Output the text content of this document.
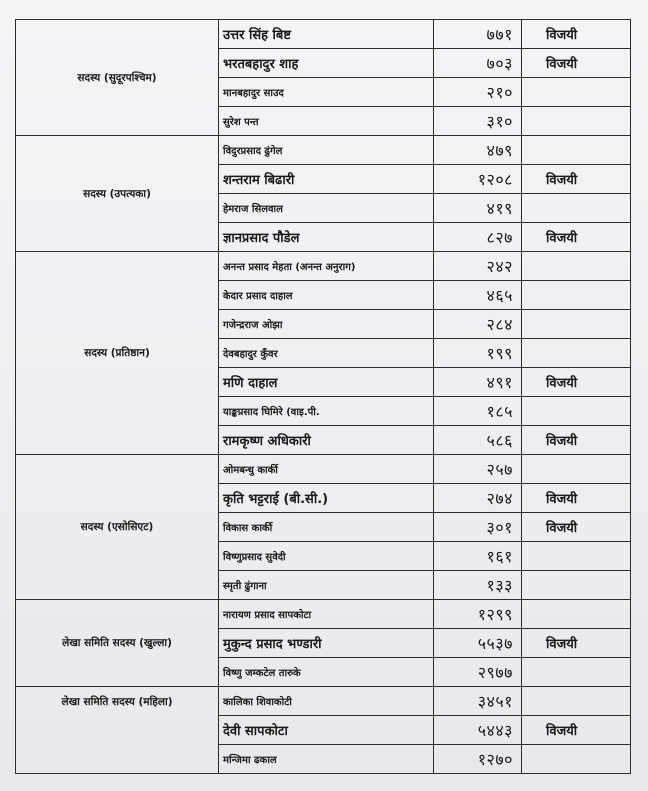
सदस्य (सुदूरपश्चिम)	उत्तर सिंह बिष्ट	७७१	विजयी
	भरतबहादुर शाह	७०३	विजयी
	मानबहादुर साउद	२१०	
	सुरेश पन्त	३१०	
सदस्य (उपत्यका)	विदुरप्रसाद ढुंगेल	४७९	
	शन्तराम बिढारी	१२०८	विजयी
	हेमराज सिलवाल	४१९	
	ज्ञानप्रसाद पौडेल	८२७	विजयी
सदस्य (प्रतिष्ठान)	अनन्त प्रसाद मेहता (अनन्त अनुराग)	२४२	
	केदार प्रसाद दाहाल	४६५	
	गजेन्द्रराज ओझा	२८४	
	देवबहादुर कुँवर	१९९	
	मणि दाहाल	४९१	विजयी
	याङ्कप्रसाद घिमिरे (वाइ.पी.	१८५	
	रामकृष्ण अधिकारी	५८६	विजयी
सदस्य (एसोसिएट)	ओमबन्धु कार्की	२५७	
	कृति भट्टराई (बी.सी.)	२७४	विजयी
	विकास कार्की	३०१	विजयी
	विष्णुप्रसाद सुवेदी	१६१	
	स्मृती ढुंगाना	१३३	
लेखा समिति सदस्य (खुल्ला)	नारायण प्रसाद सापकोटा	१२९९	
	मुकुन्द प्रसाद भण्डारी	५५३७	विजयी
	विष्णु जम्कटेल तारुके	२९७७	
लेखा समिति सदस्य (महिला)	कालिका शिवाकोटी	३४५१	
	देवी सापकोटा	५४४३	विजयी
	मन्जिमा ढकाल	१२७०	
